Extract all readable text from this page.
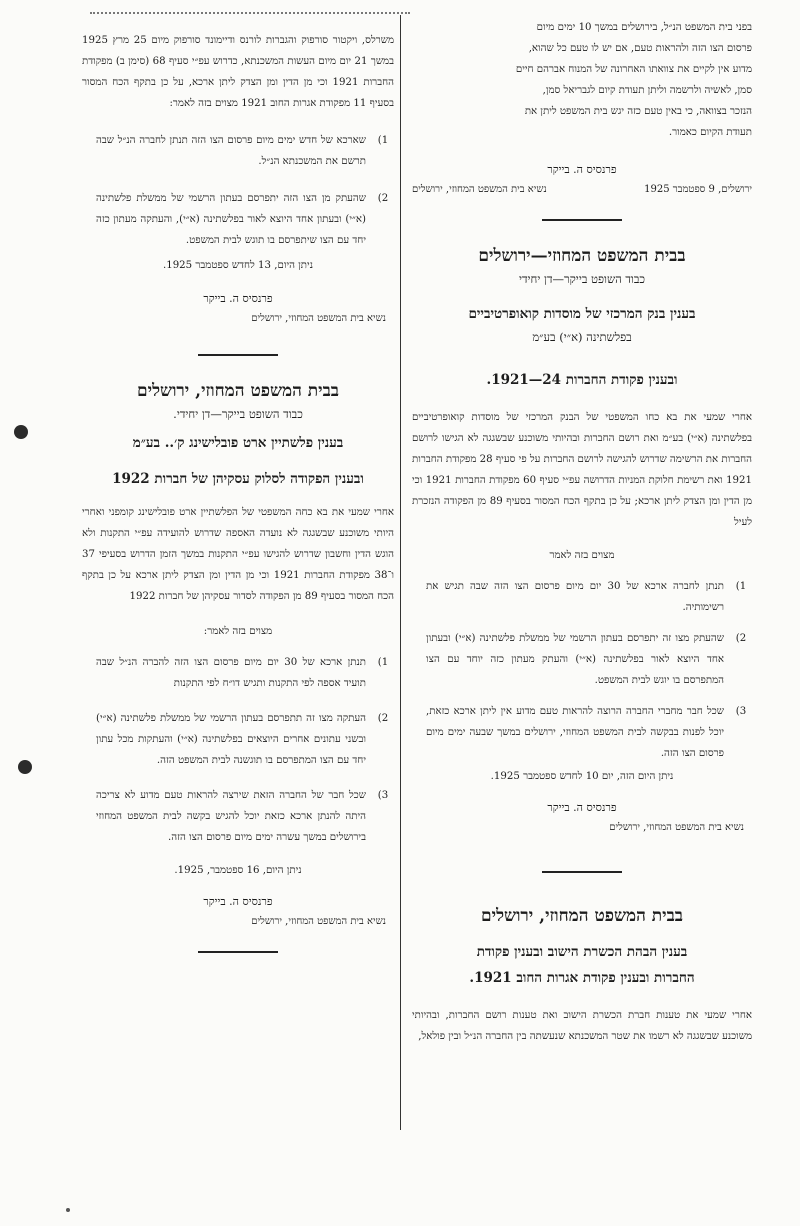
בפני בית המשפט הנ״ל, בירושלים במשך 10 ימים מיום
פרסום הצו הזה ולהראות טעם, אם יש לו טעם כל שהוא,
מדוע אין לקיים את צוואתו האחרונה של המנוח אברהם חיים
סמן, לאשיה ולרשמה וליתן תעודת קיום לגבריאל סמן,
הנזכר בצוואה, כי באין טעם כזה יגש בית המשפט ליתן את
תעודת הקיום כאמור.
פרנסיס ה. בייקר
ירושלים, 9 ספטמבר 1925
נשיא בית המשפט המחוזי, ירושלים
בבית המשפט המחוזי—ירושלים
כבוד השופט בייקר—דן יחידי
בענין בנק המרכזי של מוסדות קואופרטיביים
בפלשתינה (א״י) בע״מ
ובענין פקודת החברות 24—1921.

אחרי שמעי את בא כחו המשפטי של הבנק המרכזי של מוסדות קואופרטיביים בפלשתינה (א״י) בע״מ ואת רושם החברות ובהיותי משוכנע שבשגגה לא הגישו לרושם החברות את הרשימה שדרוש להגישה לרושם החברות על פי סעיף 28 מפקודת החברות 1921 ואת רשימת חלוקת המניות הדרושה עפ״י סעיף 60 מפקודת החברות 1921 וכי מן הדין ומן הצדק ליתן ארכא; על כן בתקף הכח המסור בסעיף 89 מן הפקודה הנזכרת לעיל

מצוים בזה לאמר
1)
תנתן לחברה ארכא של 30 יום מיום פרסום הצו הזה שבה תגיש את רשימותיה.
2)
שהעתק מצו זה יתפרסם בעתון הרשמי של ממשלת פלשתינה (א״י) ובעתון אחד היוצא לאור בפלשתינה (א״י) והעתק מעתון כזה יוחד עם הצו המתפרסם בו יוגש לבית המשפט.
3)
שכל חבר מחברי החברה הרוצה להראות טעם מדוע אין ליתן ארכא כזאת, יוכל לפנות בבקשה לבית המשפט המחוזי, ירושלים במשך שבעה ימים מיום פרסום הצו הזה.
ניתן היום הזה, יום 10 לחדש ספטמבר 1925.
פרנסיס ה. בייקר
נשיא בית המשפט המחוזי, ירושלים
בבית המשפט המחוזי, ירושלים
בענין הבהת הכשרת הישוב ובענין פקודת
החברות ובענין פקודת אגרות החוב 1921.

אחרי שמעי את טענות חברת הכשרת הישוב ואת טענות רושם החברות, ובהיותי משוכנע שבשגגה לא רשמו את שטר המשכנתא שנעשתה בין החברה הנ״ל ובין פולאל,

משרלס, ויקטור סורפוק והגברות לורנס ודיימונד סורפוק מיום 25 מרץ 1925 במשך 21 יום מיום העשות המשכנתא, כדרוש עפ״י סעיף 68 (סימן ב) מפקודת החברות 1921 וכי מן הדין ומן הצדק ליתן ארכא, על כן בתקף הכח המסור בסעיף 11 מפקודת אגרות החוב 1921 מצוים בזה לאמר:

1)
שארכא של חדש ימים מיום פרסום הצו הזה תנתן לחברה הנ״ל שבה תרשם את המשכנתא הנ״ל.
2)
שהעתק מן הצו הזה יתפרסם בעתון הרשמי של ממשלת פלשתינה (א״י) ובעתון אחד היוצא לאור בפלשתינה (א״י), והעתקה מעתון כזה יחד עם הצו שיתפרסם בו תוגש לבית המשפט.
ניתן היום, 13 לחדש ספטמבר 1925.
פרנסיס ה. בייקר
נשיא בית המשפט המחוזי, ירושלים
בבית המשפט המחוזי, ירושלים
כבוד השופט בייקר—דן יחידי.
בענין פלשתיין ארט פובלישינג ק׳.. בע״מ
ובענין הפקודה לסלוק עסקיהן של חברות 1922

אחרי שמעי את בא כחה המשפטי של הפלשתיין ארט פובלישינג קומפני ואחרי היותי משוכנע שבשגגה לא נועדה האספה שדרוש להועידה עפ״י התקנות ולא הוגש הדין וחשבון שדרוש להגישו עפ״י התקנות במשך הזמן הדרוש בסעיפי 37 ו־38 מפקודת החברות 1921 וכי מן הדין ומן הצדק ליתן ארכא על כן בתקף הכח המסור בסעיף 89 מן הפקודה לסדור עסקיהן של חברות 1922

מצוים בזה לאמר:
1)
תנתן ארכא של 30 יום מיום פרסום הצו הזה להברה הנ״ל שבה תועיד אספה לפי התקנות ותגיש דו״ח לפי התקנות
2)
העתקה מצו זה תתפרסם בעתון הרשמי של ממשלת פלשתינה (א״י) ובשני עתונים אחרים היוצאים בפלשתינה (א״י) והעתקות מכל עתון יחד עם הצו המתפרסם בו תוגשנה לבית המשפט הזה.
3)
שכל חבר של החברה הזאת שירצה להראות טעם מדוע לא צריכה היתה להנתן ארכא כזאת יוכל להגיש בקשה לבית המשפט המחוזי בירושלים במשך עשרה ימים מיום פרסום הצו הזה.
ניתן היום, 16 ספטמבר, 1925.
פרנסיס ה. בייקר
נשיא בית המשפט המחוזי, ירושלים
